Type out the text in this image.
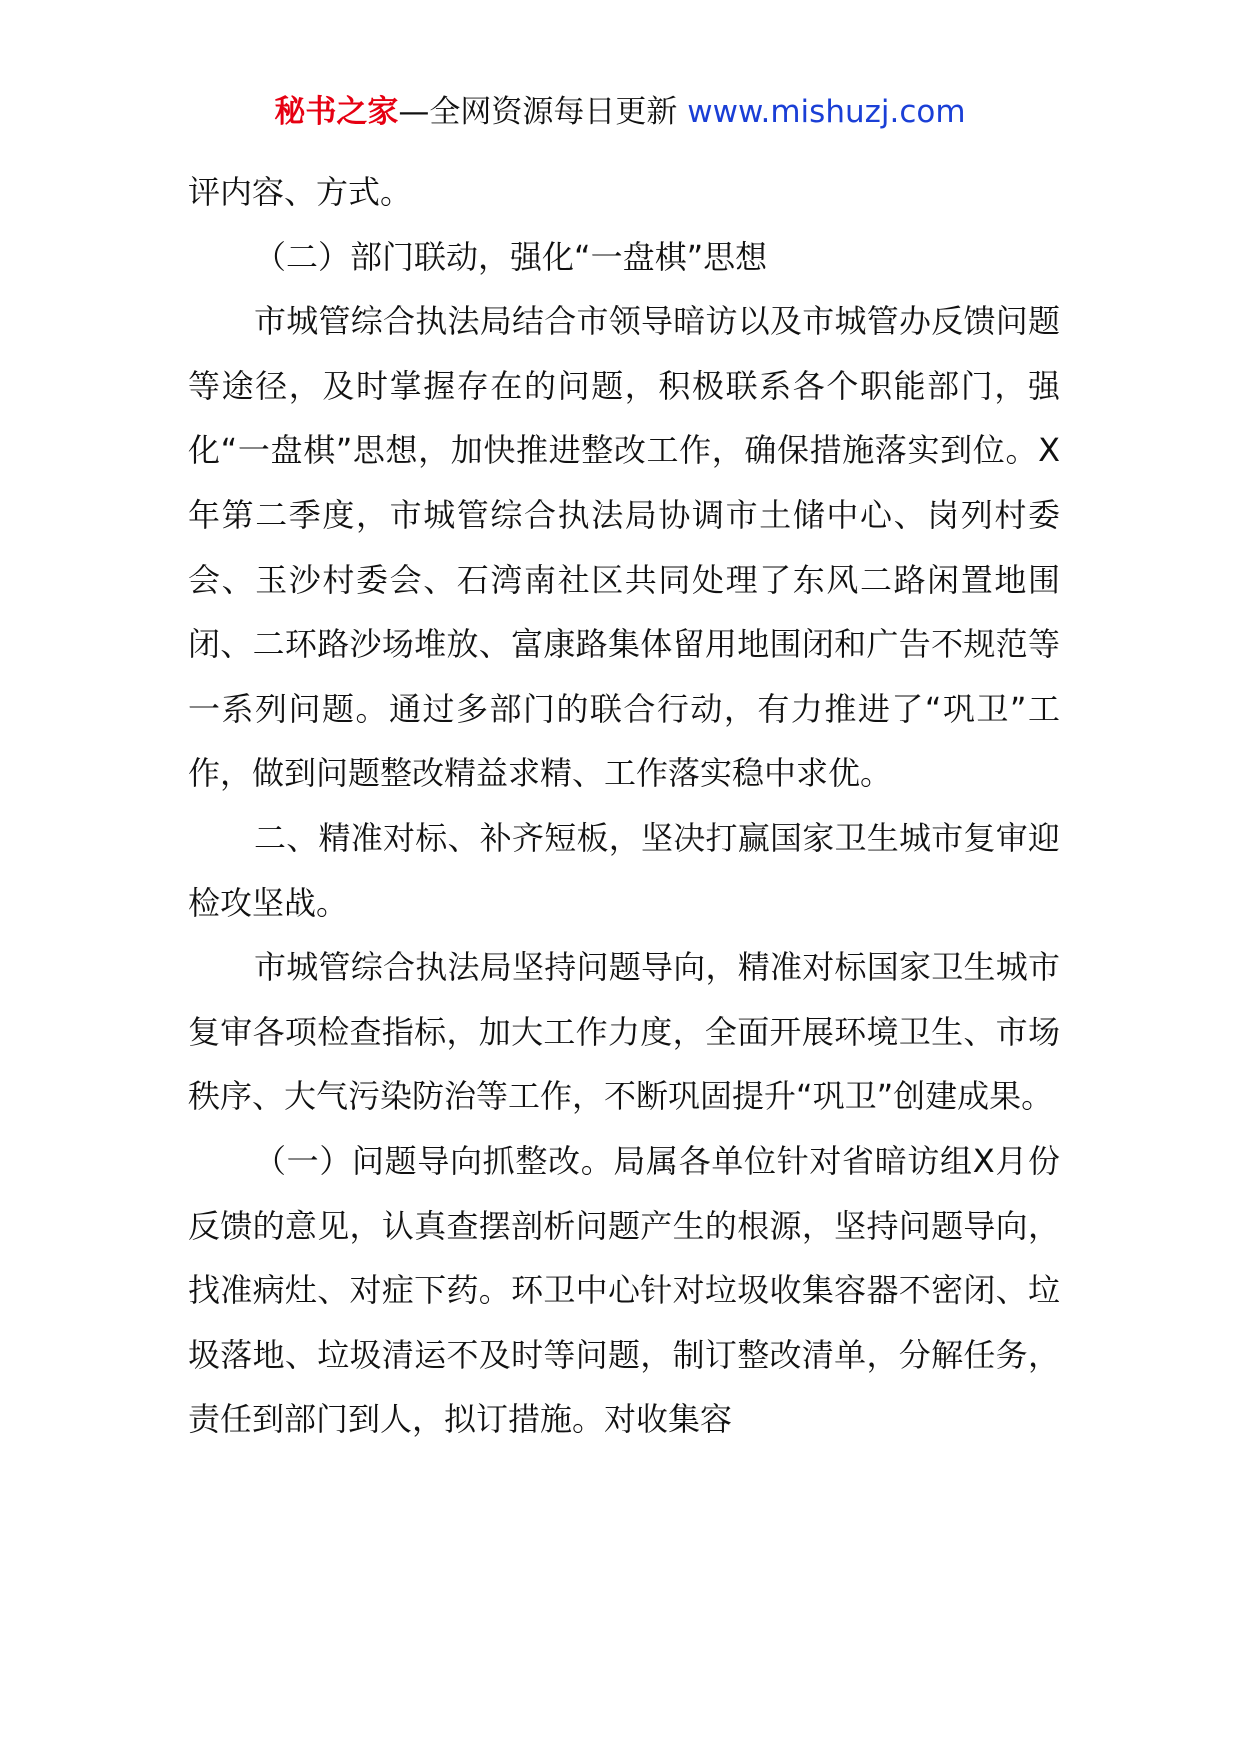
秘书之家—全网资源每日更新 www.mishuzj.com

评内容、方式。

（二）部门联动，强化“一盘棋”思想

市城管综合执法局结合市领导暗访以及市城管办反馈问题等途径，及时掌握存在的问题，积极联系各个职能部门，强化“一盘棋”思想，加快推进整改工作，确保措施落实到位。X年第二季度，市城管综合执法局协调市土储中心、岗列村委会、玉沙村委会、石湾南社区共同处理了东风二路闲置地围闭、二环路沙场堆放、富康路集体留用地围闭和广告不规范等一系列问题。通过多部门的联合行动，有力推进了“巩卫”工作，做到问题整改精益求精、工作落实稳中求优。

二、精准对标、补齐短板，坚决打赢国家卫生城市复审迎检攻坚战。

市城管综合执法局坚持问题导向，精准对标国家卫生城市复审各项检查指标，加大工作力度，全面开展环境卫生、市场秩序、大气污染防治等工作，不断巩固提升“巩卫”创建成果。

（一）问题导向抓整改。局属各单位针对省暗访组X月份反馈的意见，认真查摆剖析问题产生的根源，坚持问题导向，找准病灶、对症下药。环卫中心针对垃圾收集容器不密闭、垃圾落地、垃圾清运不及时等问题，制订整改清单，分解任务，责任到部门到人，拟订措施。对收集容
